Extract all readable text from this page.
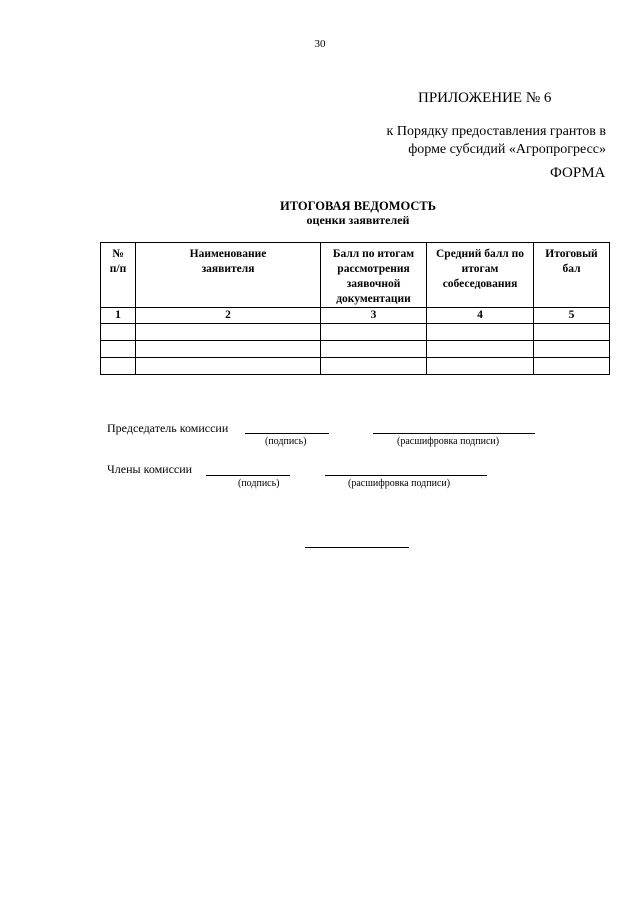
30
ПРИЛОЖЕНИЕ № 6
к Порядку предоставления грантов в
форме субсидий «Агропрогресс»
ФОРМА
ИТОГОВАЯ ВЕДОМОСТЬ
оценки заявителей
№ п/п	Наименование заявителя	Балл по итогам рассмотрения заявочной документации	Средний балл по итогам собеседования	Итоговый бал
1	2	3	4	5

Председатель комиссии
(подпись)	(расшифровка подписи)
Члены комиссии
(подпись)	(расшифровка подписи)
